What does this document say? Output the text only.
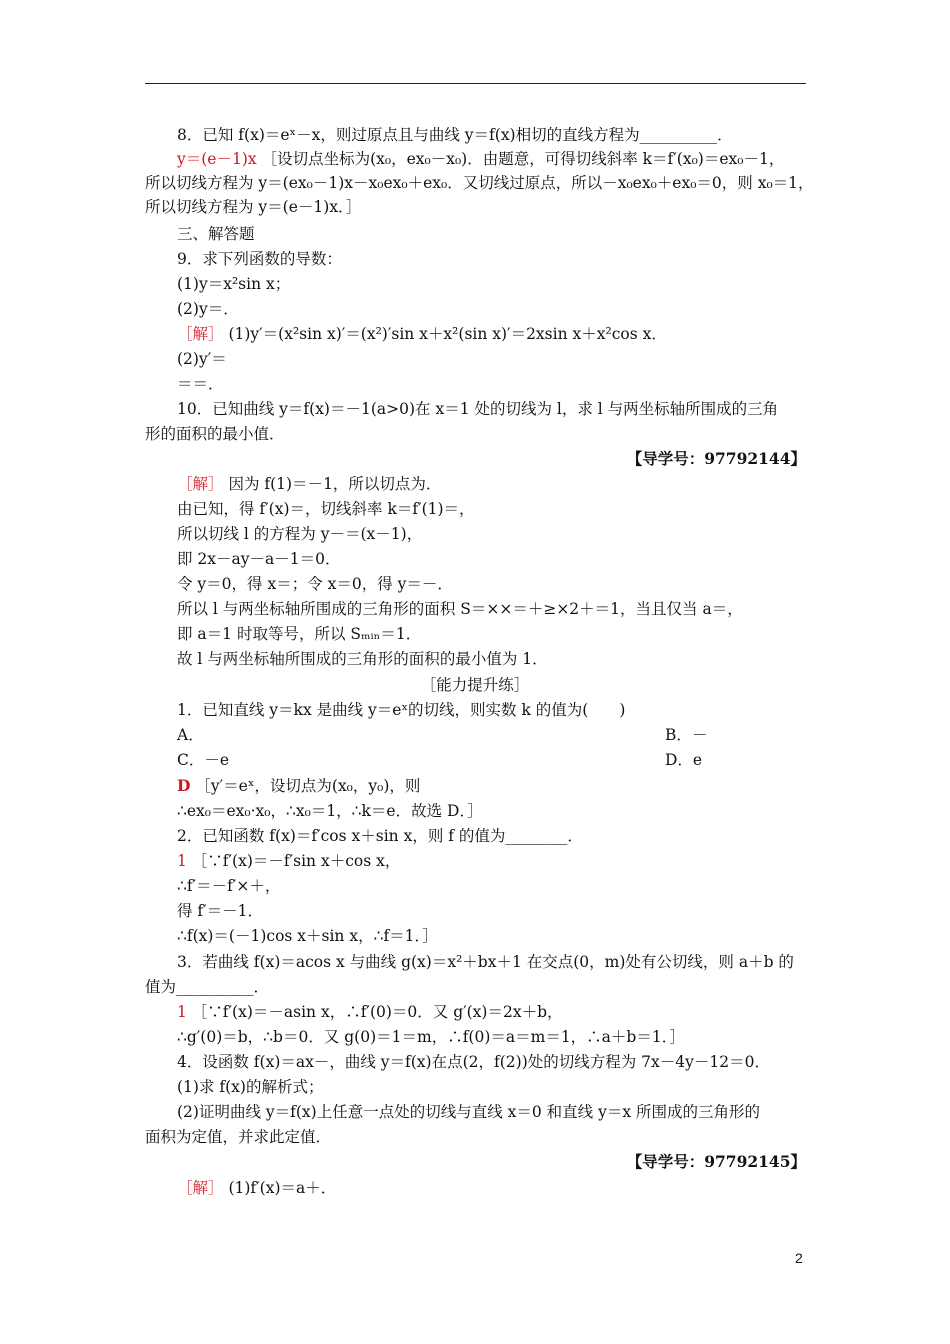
8．已知 f(x)＝eˣ－x，则过原点且与曲线 y＝f(x)相切的直线方程为__________．
y＝(e－1)x ［设切点坐标为(x₀，ex₀－x₀)．由题意，可得切线斜率 k＝f′(x₀)＝ex₀－1，
所以切线方程为 y＝(ex₀－1)x－x₀ex₀＋ex₀．又切线过原点，所以－x₀ex₀＋ex₀＝0，则 x₀＝1，
所以切线方程为 y＝(e－1)x．］
三、解答题
9．求下列函数的导数：
(1)y＝x²sin x；
(2)y＝．
［解］ (1)y′＝(x²sin x)′＝(x²)′sin x＋x²(sin x)′＝2xsin x＋x²cos x．
(2)y′＝
＝＝．
10．已知曲线 y＝f(x)＝－1(a>0)在 x＝1 处的切线为 l，求 l 与两坐标轴所围成的三角
形的面积的最小值．
【导学号：97792144】
［解］ 因为 f(1)＝－1，所以切点为．
由已知，得 f′(x)＝，切线斜率 k＝f′(1)＝，
所以切线 l 的方程为 y－＝(x－1)，
即 2x－ay－a－1＝0．
令 y＝0，得 x＝；令 x＝0，得 y＝－．
所以 l 与两坐标轴所围成的三角形的面积 S＝××＝＋≥×2＋＝1，当且仅当 a＝，
即 a＝1 时取等号，所以 Sₘᵢₙ＝1．
故 l 与两坐标轴所围成的三角形的面积的最小值为 1．
［能力提升练］
1．已知直线 y＝kx 是曲线 y＝eˣ的切线，则实数 k 的值为(　　)
A．	B．－
C．－e	D．e
D ［y′＝eˣ，设切点为(x₀，y₀)，则
∴ex₀＝ex₀·x₀，∴x₀＝1，∴k＝e．故选 D．］
2．已知函数 f(x)＝f′cos x＋sin x，则 f 的值为________．
1 ［∵f′(x)＝－f′sin x＋cos x，
∴f′＝－f′×＋，
得 f′＝－1．
∴f(x)＝(－1)cos x＋sin x，∴f＝1．］
3．若曲线 f(x)＝acos x 与曲线 g(x)＝x²＋bx＋1 在交点(0，m)处有公切线，则 a＋b 的
值为__________．
1 ［∵f′(x)＝－asin x，∴f′(0)＝0．又 g′(x)＝2x＋b，
∴g′(0)＝b，∴b＝0．又 g(0)＝1＝m，∴f(0)＝a＝m＝1，∴a＋b＝1．］
4．设函数 f(x)＝ax－，曲线 y＝f(x)在点(2，f(2))处的切线方程为 7x－4y－12＝0．
(1)求 f(x)的解析式；
(2)证明曲线 y＝f(x)上任意一点处的切线与直线 x＝0 和直线 y＝x 所围成的三角形的
面积为定值，并求此定值．
【导学号：97792145】
［解］ (1)f′(x)＝a＋．
2
